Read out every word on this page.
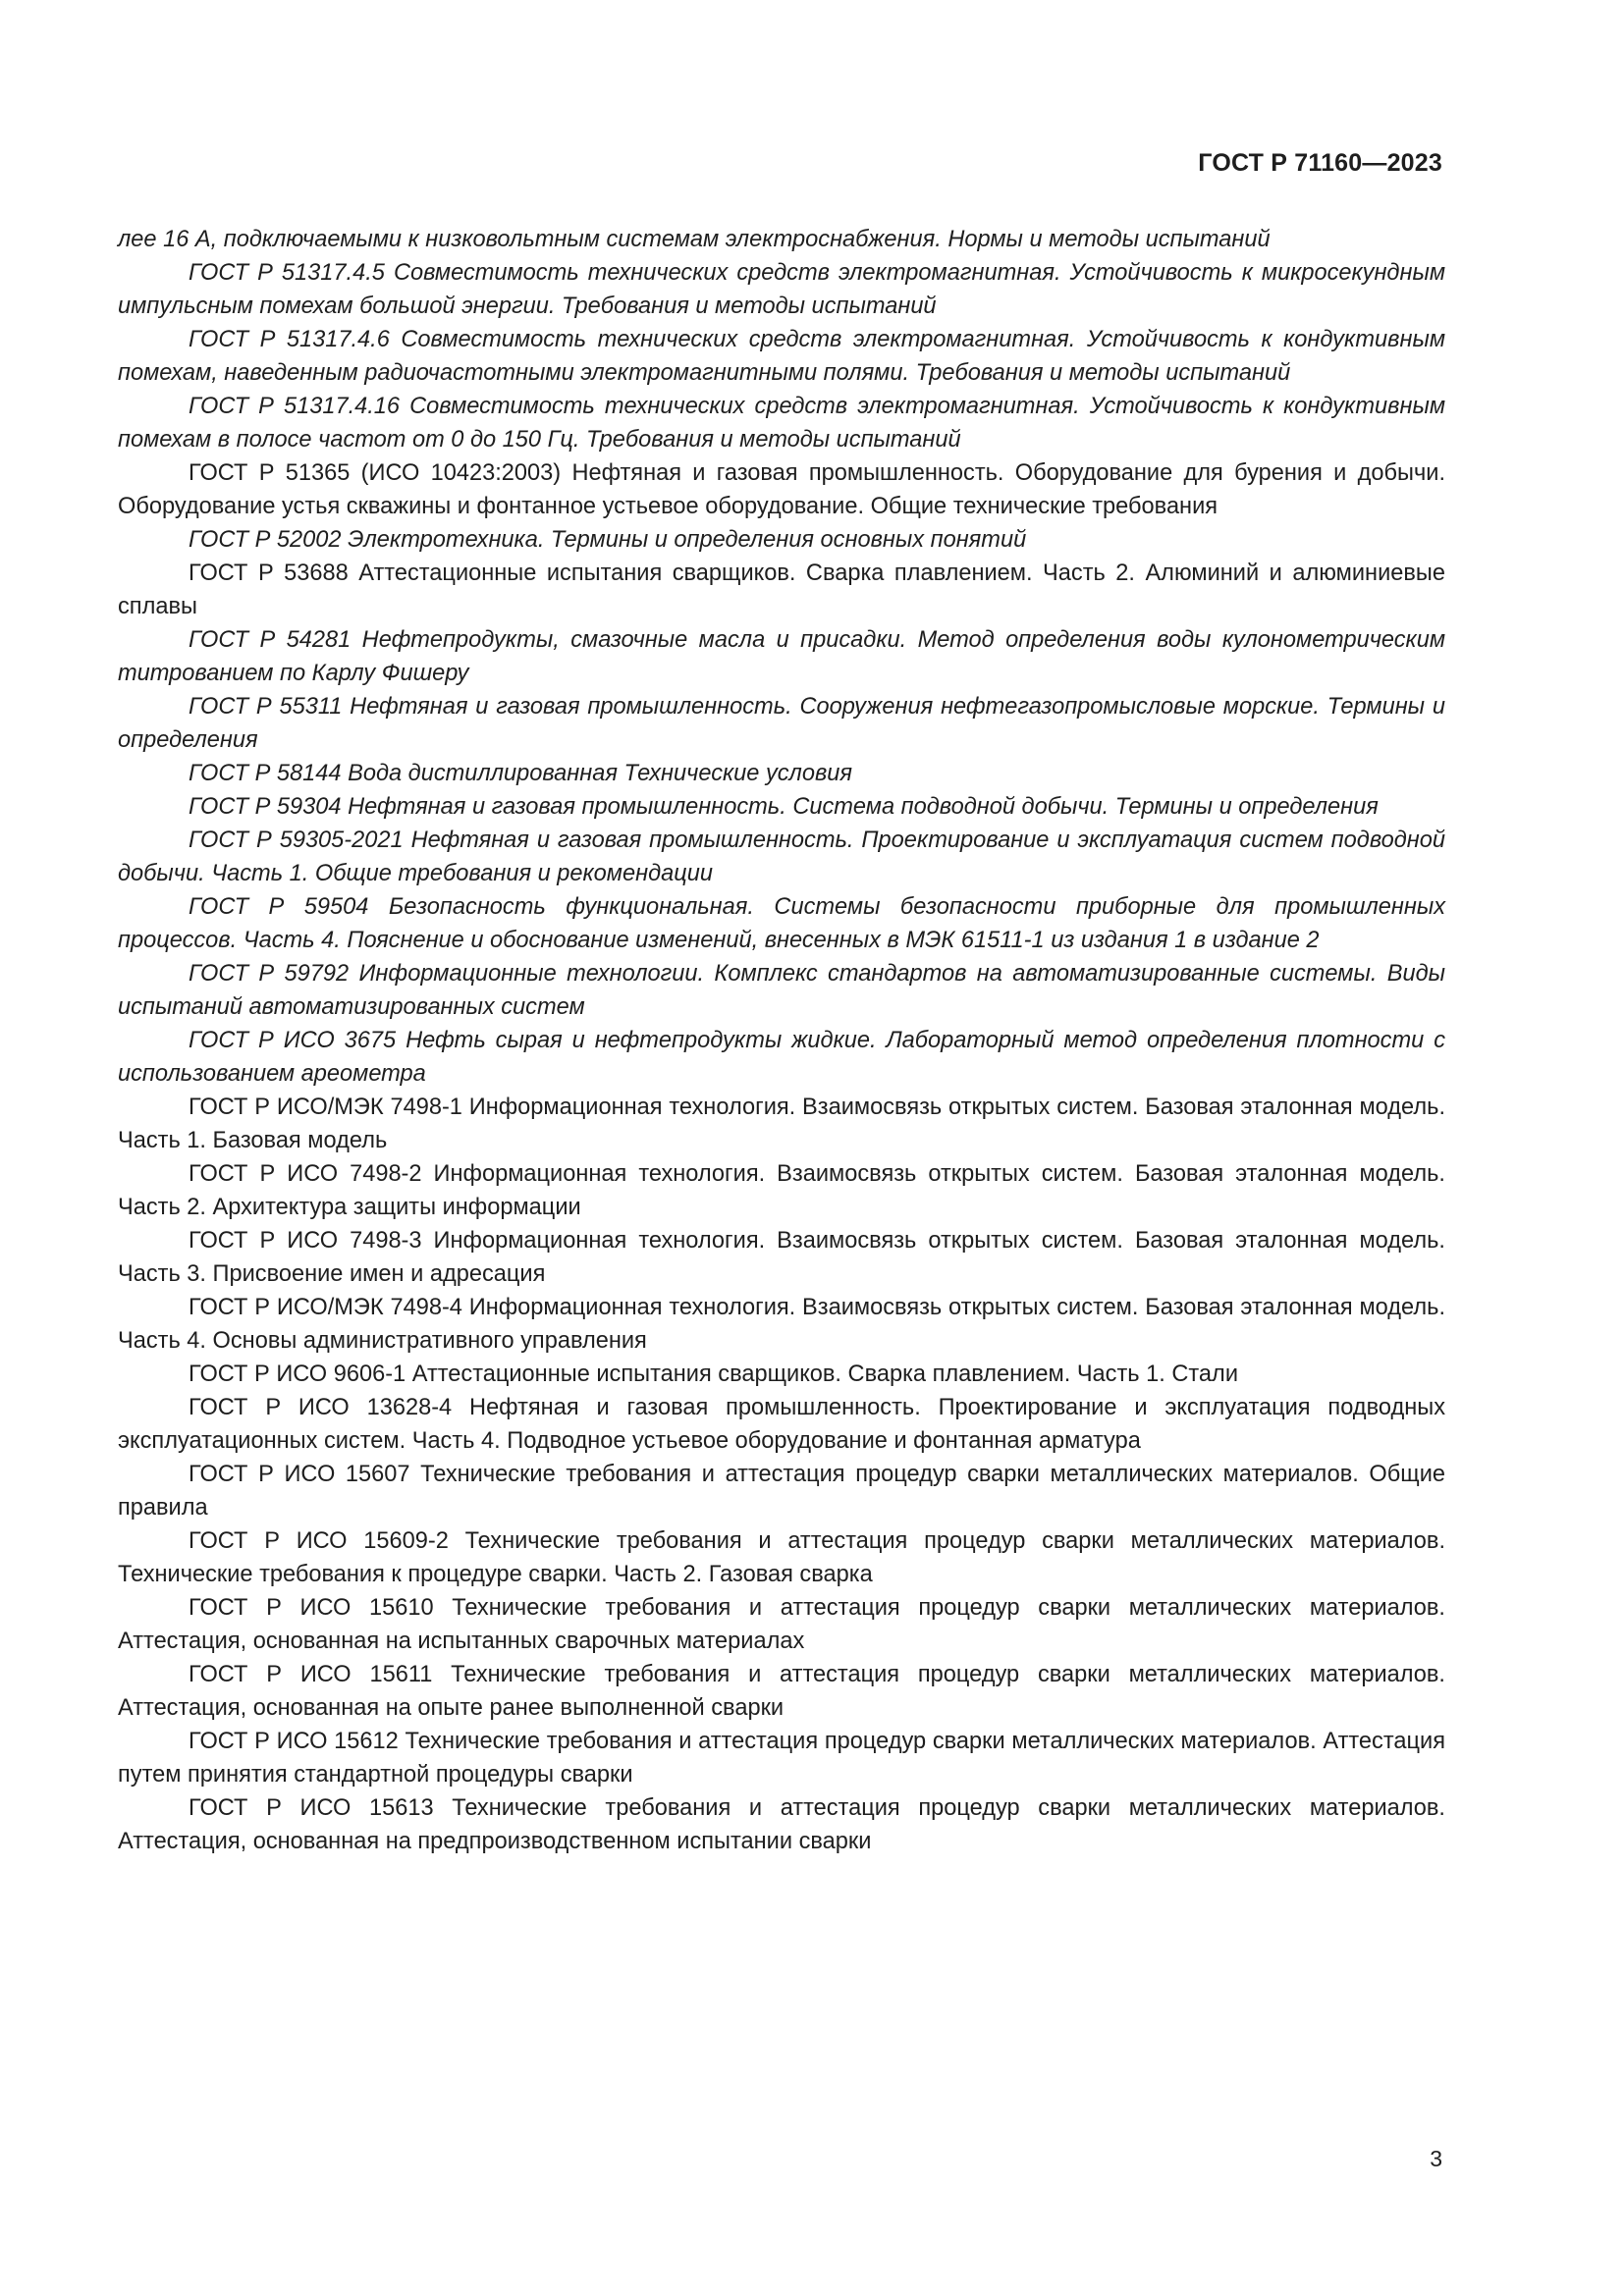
ГОСТ Р 71160—2023

лее 16 А, подключаемыми к низковольтным системам электроснабжения. Нормы и методы испытаний

ГОСТ Р 51317.4.5 Совместимость технических средств электромагнитная. Устойчивость к микросекундным импульсным помехам большой энергии. Требования и методы испытаний

ГОСТ Р 51317.4.6 Совместимость технических средств электромагнитная. Устойчивость к кондуктивным помехам, наведенным радиочастотными электромагнитными полями. Требования и методы испытаний

ГОСТ Р 51317.4.16 Совместимость технических средств электромагнитная. Устойчивость к кондуктивным помехам в полосе частот от 0 до 150 Гц. Требования и методы испытаний

ГОСТ Р 51365 (ИСО 10423:2003) Нефтяная и газовая промышленность. Оборудование для бурения и добычи. Оборудование устья скважины и фонтанное устьевое оборудование. Общие технические требования

ГОСТ Р 52002 Электротехника. Термины и определения основных понятий

ГОСТ Р 53688 Аттестационные испытания сварщиков. Сварка плавлением. Часть 2. Алюминий и алюминиевые сплавы

ГОСТ Р 54281 Нефтепродукты, смазочные масла и присадки. Метод определения воды кулонометрическим титрованием по Карлу Фишеру

ГОСТ Р 55311 Нефтяная и газовая промышленность. Сооружения нефтегазопромысловые морские. Термины и определения

ГОСТ Р 58144 Вода дистиллированная Технические условия

ГОСТ Р 59304 Нефтяная и газовая промышленность. Система подводной добычи. Термины и определения

ГОСТ Р 59305-2021 Нефтяная и газовая промышленность. Проектирование и эксплуатация систем подводной добычи. Часть 1. Общие требования и рекомендации

ГОСТ Р 59504 Безопасность функциональная. Системы безопасности приборные для промышленных процессов. Часть 4. Пояснение и обоснование изменений, внесенных в МЭК 61511-1 из издания 1 в издание 2

ГОСТ Р 59792 Информационные технологии. Комплекс стандартов на автоматизированные системы. Виды испытаний автоматизированных систем

ГОСТ Р ИСО 3675 Нефть сырая и нефтепродукты жидкие. Лабораторный метод определения плотности с использованием ареометра

ГОСТ Р ИСО/МЭК 7498-1 Информационная технология. Взаимосвязь открытых систем. Базовая эталонная модель. Часть 1. Базовая модель

ГОСТ Р ИСО 7498-2 Информационная технология. Взаимосвязь открытых систем. Базовая эталонная модель. Часть 2. Архитектура защиты информации

ГОСТ Р ИСО 7498-3 Информационная технология. Взаимосвязь открытых систем. Базовая эталонная модель. Часть 3. Присвоение имен и адресация

ГОСТ Р ИСО/МЭК 7498-4 Информационная технология. Взаимосвязь открытых систем. Базовая эталонная модель. Часть 4. Основы административного управления

ГОСТ Р ИСО 9606-1 Аттестационные испытания сварщиков. Сварка плавлением. Часть 1. Стали

ГОСТ Р ИСО 13628-4 Нефтяная и газовая промышленность. Проектирование и эксплуатация подводных эксплуатационных систем. Часть 4. Подводное устьевое оборудование и фонтанная арматура

ГОСТ Р ИСО 15607 Технические требования и аттестация процедур сварки металлических материалов. Общие правила

ГОСТ Р ИСО 15609-2 Технические требования и аттестация процедур сварки металлических материалов. Технические требования к процедуре сварки. Часть 2. Газовая сварка

ГОСТ Р ИСО 15610 Технические требования и аттестация процедур сварки металлических материалов. Аттестация, основанная на испытанных сварочных материалах

ГОСТ Р ИСО 15611 Технические требования и аттестация процедур сварки металлических материалов. Аттестация, основанная на опыте ранее выполненной сварки

ГОСТ Р ИСО 15612 Технические требования и аттестация процедур сварки металлических материалов. Аттестация путем принятия стандартной процедуры сварки

ГОСТ Р ИСО 15613 Технические требования и аттестация процедур сварки металлических материалов. Аттестация, основанная на предпроизводственном испытании сварки

3
